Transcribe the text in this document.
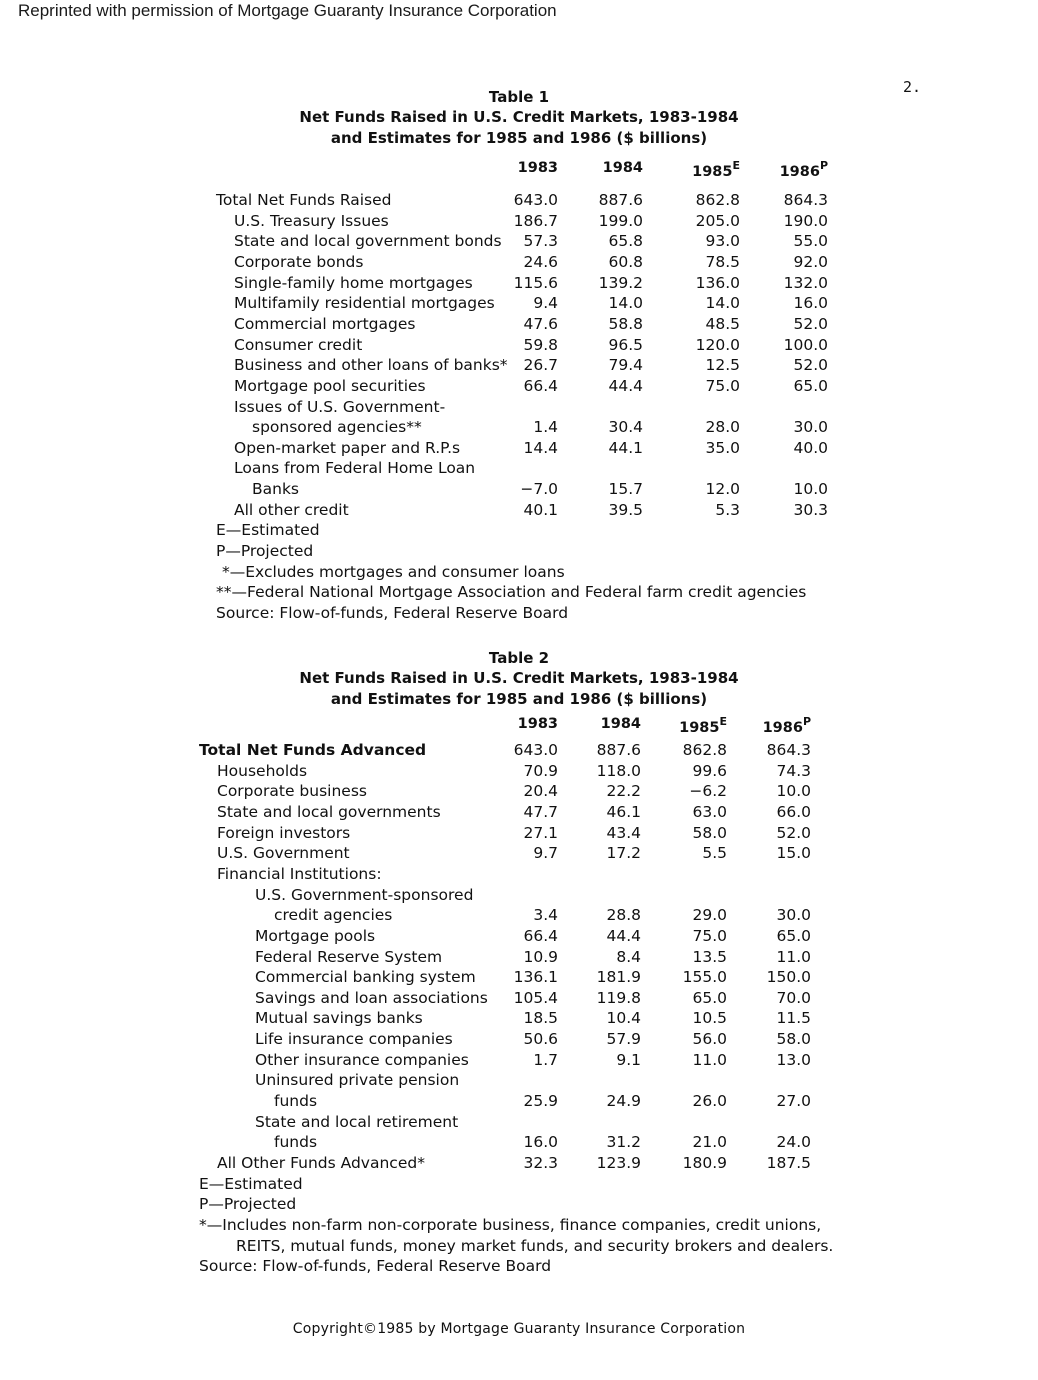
Reprinted with permission of Mortgage Guaranty Insurance Corporation
2.
Table 1
Net Funds Raised in U.S. Credit Markets, 1983-1984
and Estimates for 1985 and 1986 ($ billions)
1983	1984	$1985^E$	$1986^P$
Total Net Funds Raised	643.0	887.6	862.8	864.3
U.S. Treasury Issues	186.7	199.0	205.0	190.0
State and local government bonds	57.3	65.8	93.0	55.0
Corporate bonds	24.6	60.8	78.5	92.0
Single-family home mortgages	115.6	139.2	136.0	132.0
Multifamily residential mortgages	9.4	14.0	14.0	16.0
Commercial mortgages	47.6	58.8	48.5	52.0
Consumer credit	59.8	96.5	120.0	100.0
Business and other loans of banks*	26.7	79.4	12.5	52.0
Mortgage pool securities	66.4	44.4	75.0	65.0
Issues of U.S. Government-
sponsored agencies**	1.4	30.4	28.0	30.0
Open-market paper and R.P.s	14.4	44.1	35.0	40.0
Loans from Federal Home Loan
Banks	−7.0	15.7	12.0	10.0
All other credit	40.1	39.5	5.3	30.3
E—Estimated
P—Projected
*—Excludes mortgages and consumer loans
**—Federal National Mortgage Association and Federal farm credit agencies
Source: Flow-of-funds, Federal Reserve Board
Table 2
Net Funds Raised in U.S. Credit Markets, 1983-1984
and Estimates for 1985 and 1986 ($ billions)
1983	1984	$1985^E$	$1986^P$
Total Net Funds Advanced	643.0	887.6	862.8	864.3
Households	70.9	118.0	99.6	74.3
Corporate business	20.4	22.2	−6.2	10.0
State and local governments	47.7	46.1	63.0	66.0
Foreign investors	27.1	43.4	58.0	52.0
U.S. Government	9.7	17.2	5.5	15.0
Financial Institutions:
U.S. Government-sponsored
credit agencies	3.4	28.8	29.0	30.0
Mortgage pools	66.4	44.4	75.0	65.0
Federal Reserve System	10.9	8.4	13.5	11.0
Commercial banking system	136.1	181.9	155.0	150.0
Savings and loan associations	105.4	119.8	65.0	70.0
Mutual savings banks	18.5	10.4	10.5	11.5
Life insurance companies	50.6	57.9	56.0	58.0
Other insurance companies	1.7	9.1	11.0	13.0
Uninsured private pension
funds	25.9	24.9	26.0	27.0
State and local retirement
funds	16.0	31.2	21.0	24.0
All Other Funds Advanced*	32.3	123.9	180.9	187.5
E—Estimated
P—Projected
*—Includes non-farm non-corporate business, finance companies, credit unions,
REITS, mutual funds, money market funds, and security brokers and dealers.
Source: Flow-of-funds, Federal Reserve Board
Copyright©1985 by Mortgage Guaranty Insurance Corporation
